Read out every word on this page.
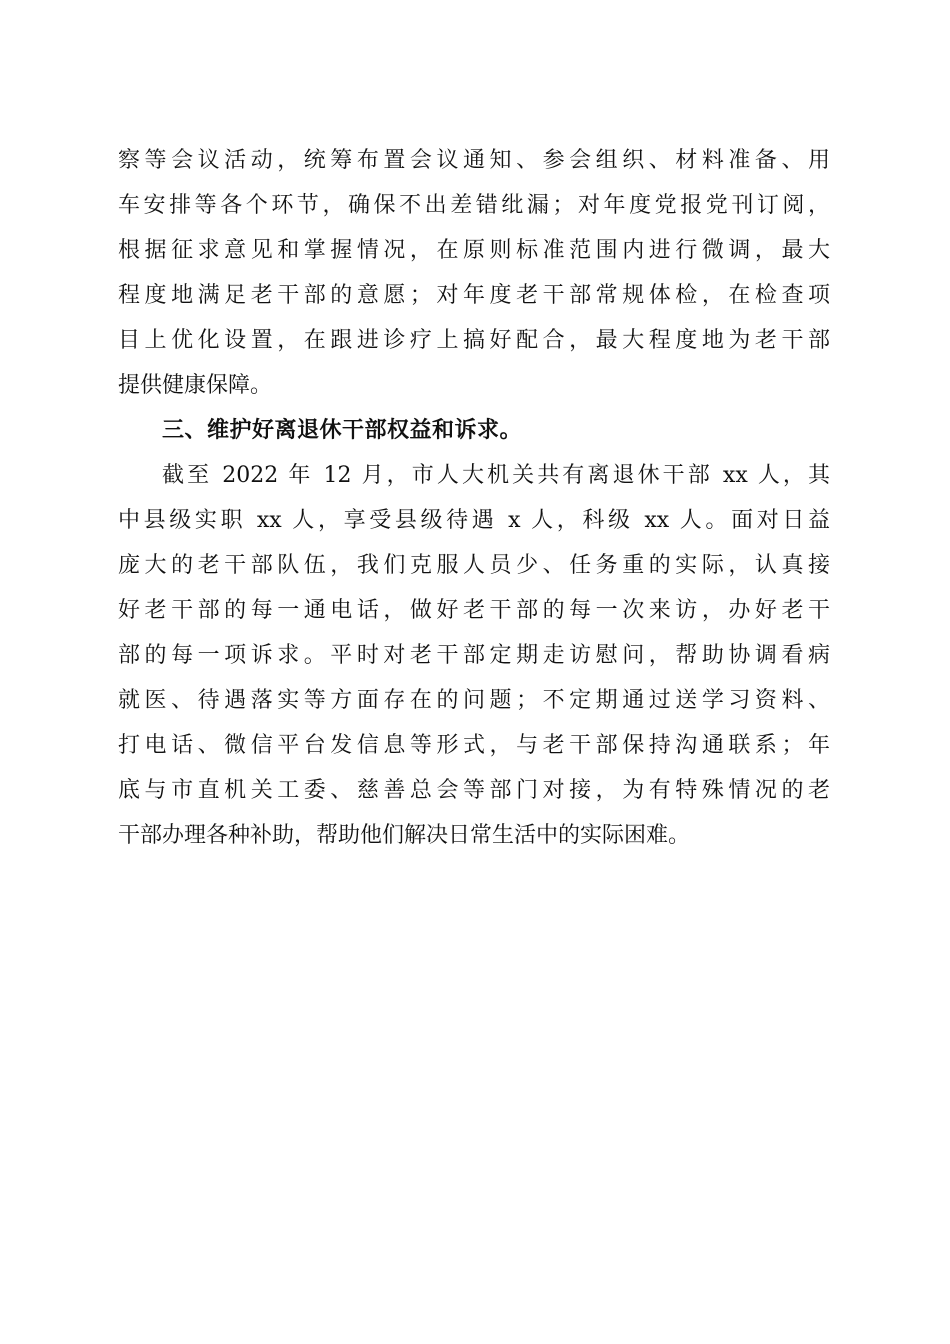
察等会议活动，统筹布置会议通知、参会组织、材料准备、用
车安排等各个环节，确保不出差错纰漏；对年度党报党刊订阅，
根据征求意见和掌握情况，在原则标准范围内进行微调，最大
程度地满足老干部的意愿；对年度老干部常规体检，在检查项
目上优化设置，在跟进诊疗上搞好配合，最大程度地为老干部
提供健康保障。
三、维护好离退休干部权益和诉求。
截至 2022 年 12 月，市人大机关共有离退休干部 xx 人，其
中县级实职 xx 人，享受县级待遇 x 人，科级 xx 人。面对日益
庞大的老干部队伍，我们克服人员少、任务重的实际，认真接
好老干部的每一通电话，做好老干部的每一次来访，办好老干
部的每一项诉求。平时对老干部定期走访慰问，帮助协调看病
就医、待遇落实等方面存在的问题；不定期通过送学习资料、
打电话、微信平台发信息等形式，与老干部保持沟通联系；年
底与市直机关工委、慈善总会等部门对接，为有特殊情况的老
干部办理各种补助，帮助他们解决日常生活中的实际困难。
